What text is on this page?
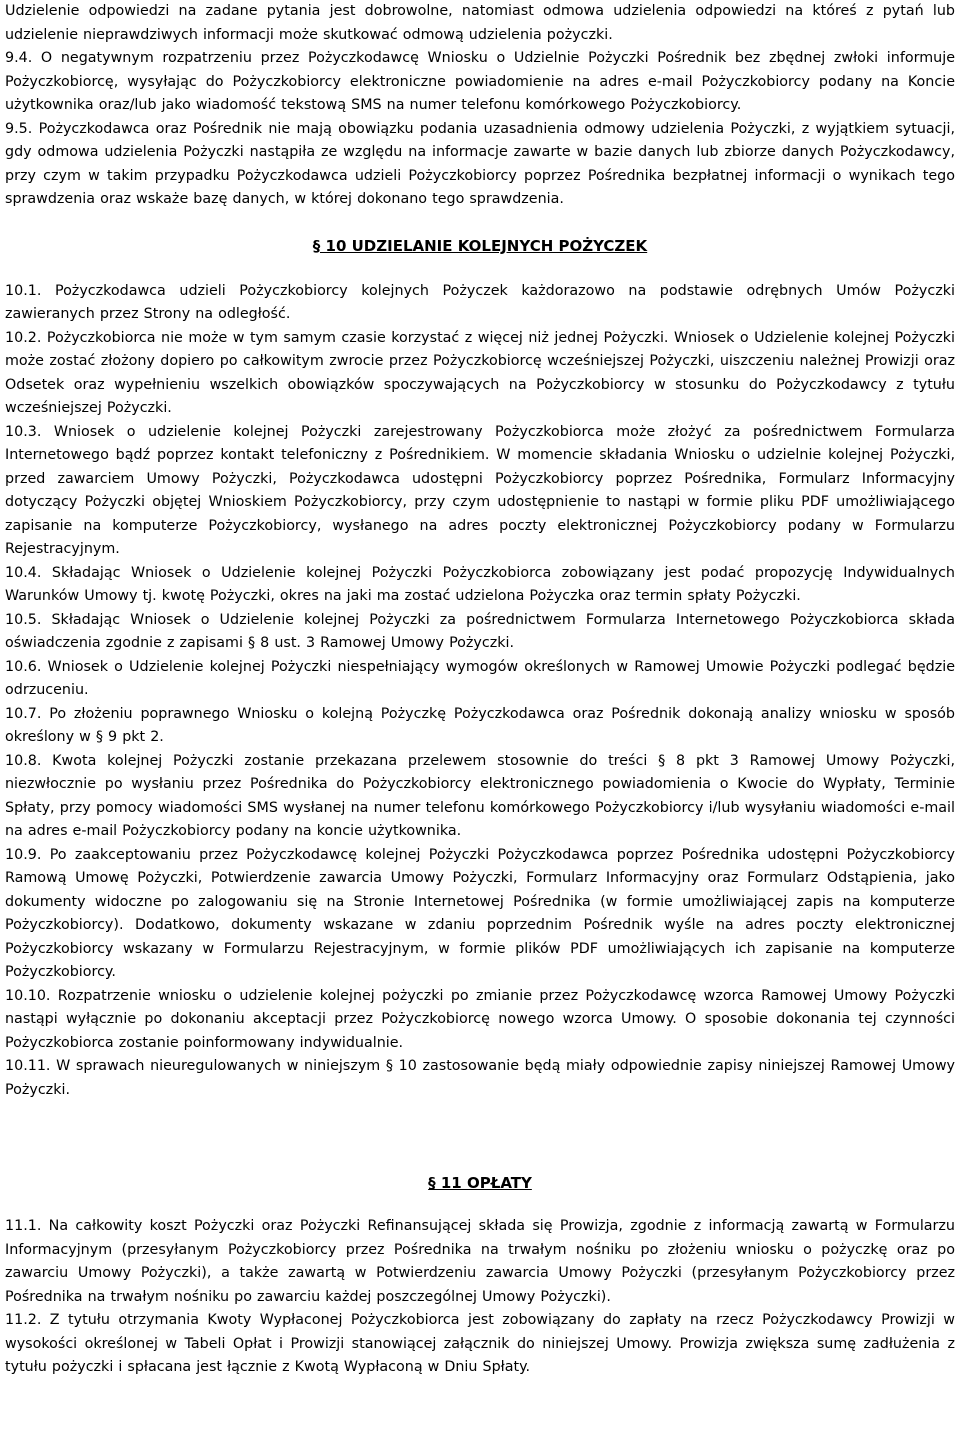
Udzielenie odpowiedzi na zadane pytania jest dobrowolne, natomiast odmowa udzielenia odpowiedzi na któreś z pytań lub udzielenie nieprawdziwych informacji może skutkować odmową udzielenia pożyczki.

9.4. O negatywnym rozpatrzeniu przez Pożyczkodawcę Wniosku o Udzielnie Pożyczki Pośrednik bez zbędnej zwłoki informuje Pożyczkobiorcę, wysyłając do Pożyczkobiorcy elektroniczne powiadomienie na adres e-mail Pożyczkobiorcy podany na Koncie użytkownika oraz/lub jako wiadomość tekstową SMS na numer telefonu komórkowego Pożyczkobiorcy.

9.5. Pożyczkodawca oraz Pośrednik nie mają obowiązku podania uzasadnienia odmowy udzielenia Pożyczki, z wyjątkiem sytuacji, gdy odmowa udzielenia Pożyczki nastąpiła ze względu na informacje zawarte w bazie danych lub zbiorze danych Pożyczkodawcy, przy czym w takim przypadku Pożyczkodawca udzieli Pożyczkobiorcy poprzez Pośrednika bezpłatnej informacji o wynikach tego sprawdzenia oraz wskaże bazę danych, w której dokonano tego sprawdzenia.

§ 10 UDZIELANIE KOLEJNYCH POŻYCZEK

10.1. Pożyczkodawca udzieli Pożyczkobiorcy kolejnych Pożyczek każdorazowo na podstawie odrębnych Umów Pożyczki zawieranych przez Strony na odległość.

10.2. Pożyczkobiorca nie może w tym samym czasie korzystać z więcej niż jednej Pożyczki. Wniosek o Udzielenie kolejnej Pożyczki może zostać złożony dopiero po całkowitym zwrocie przez Pożyczkobiorcę wcześniejszej Pożyczki, uiszczeniu należnej Prowizji oraz Odsetek oraz wypełnieniu wszelkich obowiązków spoczywających na Pożyczkobiorcy w stosunku do Pożyczkodawcy z tytułu wcześniejszej Pożyczki.

10.3. Wniosek o udzielenie kolejnej Pożyczki zarejestrowany Pożyczkobiorca może złożyć za pośrednictwem Formularza Internetowego bądź poprzez kontakt telefoniczny z Pośrednikiem. W momencie składania Wniosku o udzielnie kolejnej Pożyczki, przed zawarciem Umowy Pożyczki, Pożyczkodawca udostępni Pożyczkobiorcy poprzez Pośrednika, Formularz Informacyjny dotyczący Pożyczki objętej Wnioskiem Pożyczkobiorcy, przy czym udostępnienie to nastąpi w formie pliku PDF umożliwiającego zapisanie na komputerze Pożyczkobiorcy, wysłanego na adres poczty elektronicznej Pożyczkobiorcy podany w Formularzu Rejestracyjnym.

10.4. Składając Wniosek o Udzielenie kolejnej Pożyczki Pożyczkobiorca zobowiązany jest podać propozycję Indywidualnych Warunków Umowy tj. kwotę Pożyczki, okres na jaki ma zostać udzielona Pożyczka oraz termin spłaty Pożyczki.

10.5. Składając Wniosek o Udzielenie kolejnej Pożyczki za pośrednictwem Formularza Internetowego Pożyczkobiorca składa oświadczenia zgodnie z zapisami § 8 ust. 3 Ramowej Umowy Pożyczki.

10.6. Wniosek o Udzielenie kolejnej Pożyczki niespełniający wymogów określonych w Ramowej Umowie Pożyczki podlegać będzie odrzuceniu.

10.7. Po złożeniu poprawnego Wniosku o kolejną Pożyczkę Pożyczkodawca oraz Pośrednik dokonają analizy wniosku w sposób określony w § 9 pkt 2.

10.8. Kwota kolejnej Pożyczki zostanie przekazana przelewem stosownie do treści § 8 pkt 3 Ramowej Umowy Pożyczki, niezwłocznie po wysłaniu przez Pośrednika do Pożyczkobiorcy elektronicznego powiadomienia o Kwocie do Wypłaty, Terminie Spłaty, przy pomocy wiadomości SMS wysłanej na numer telefonu komórkowego Pożyczkobiorcy i/lub wysyłaniu wiadomości e-mail na adres e-mail Pożyczkobiorcy podany na koncie użytkownika.

10.9. Po zaakceptowaniu przez Pożyczkodawcę kolejnej Pożyczki Pożyczkodawca poprzez Pośrednika udostępni Pożyczkobiorcy Ramową Umowę Pożyczki, Potwierdzenie zawarcia Umowy Pożyczki, Formularz Informacyjny oraz Formularz Odstąpienia, jako dokumenty widoczne po zalogowaniu się na Stronie Internetowej Pośrednika (w formie umożliwiającej zapis na komputerze Pożyczkobiorcy). Dodatkowo, dokumenty wskazane w zdaniu poprzednim Pośrednik wyśle na adres poczty elektronicznej Pożyczkobiorcy wskazany w Formularzu Rejestracyjnym, w formie plików PDF umożliwiających ich zapisanie na komputerze Pożyczkobiorcy.

10.10. Rozpatrzenie wniosku o udzielenie kolejnej pożyczki po zmianie przez Pożyczkodawcę wzorca Ramowej Umowy Pożyczki nastąpi wyłącznie po dokonaniu akceptacji przez Pożyczkobiorcę nowego wzorca Umowy. O sposobie dokonania tej czynności Pożyczkobiorca zostanie poinformowany indywidualnie.

10.11. W sprawach nieuregulowanych w niniejszym § 10 zastosowanie będą miały odpowiednie zapisy niniejszej Ramowej Umowy Pożyczki.

§ 11 OPŁATY

11.1. Na całkowity koszt Pożyczki oraz Pożyczki Refinansującej składa się Prowizja, zgodnie z informacją zawartą w Formularzu Informacyjnym (przesyłanym Pożyczkobiorcy przez Pośrednika na trwałym nośniku po złożeniu wniosku o pożyczkę oraz po zawarciu Umowy Pożyczki), a także zawartą w Potwierdzeniu zawarcia Umowy Pożyczki (przesyłanym Pożyczkobiorcy przez Pośrednika na trwałym nośniku po zawarciu każdej poszczególnej Umowy Pożyczki).

11.2. Z tytułu otrzymania Kwoty Wypłaconej Pożyczkobiorca jest zobowiązany do zapłaty na rzecz Pożyczkodawcy Prowizji w wysokości określonej w Tabeli Opłat i Prowizji stanowiącej załącznik do niniejszej Umowy. Prowizja zwiększa sumę zadłużenia z tytułu pożyczki i spłacana jest łącznie z Kwotą Wypłaconą w Dniu Spłaty.
